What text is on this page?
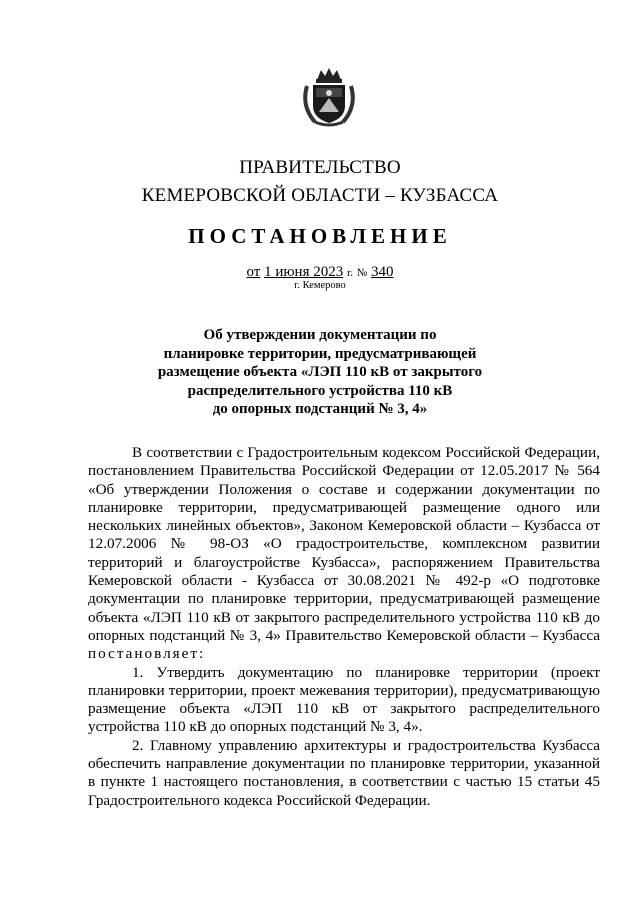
ПРАВИТЕЛЬСТВО
КЕМЕРОВСКОЙ ОБЛАСТИ – КУЗБАССА
ПОСТАНОВЛЕНИЕ
от 1 июня 2023 г. № 340
г. Кемерово
Об утверждении документации по
планировке территории, предусматривающей
размещение объекта «ЛЭП 110 кВ от закрытого
распределительного устройства 110 кВ
до опорных подстанций № 3, 4»

В соответствии с Градостроительным кодексом Российской Федерации, постановлением Правительства Российской Федерации от 12.05.2017 № 564 «Об утверждении Положения о составе и содержании документации по планировке территории, предусматривающей размещение одного или нескольких линейных объектов», Законом Кемеровской области – Кузбасса от 12.07.2006 № 98-ОЗ «О градостроительстве, комплексном развитии территорий и благоустройстве Кузбасса», распоряжением Правительства Кемеровской области - Кузбасса от 30.08.2021 № 492-р «О подготовке документации по планировке территории, предусматривающей размещение объекта «ЛЭП 110 кВ от закрытого распределительного устройства 110 кВ до опорных подстанций № 3, 4» Правительство Кемеровской области – Кузбасса постановляет:

1. Утвердить документацию по планировке территории (проект планировки территории, проект межевания территории), предусматривающую размещение объекта «ЛЭП 110 кВ от закрытого распределительного устройства 110 кВ до опорных подстанций № 3, 4».

2. Главному управлению архитектуры и градостроительства Кузбасса обеспечить направление документации по планировке территории, указанной в пункте 1 настоящего постановления, в соответствии с частью 15 статьи 45 Градостроительного кодекса Российской Федерации.
